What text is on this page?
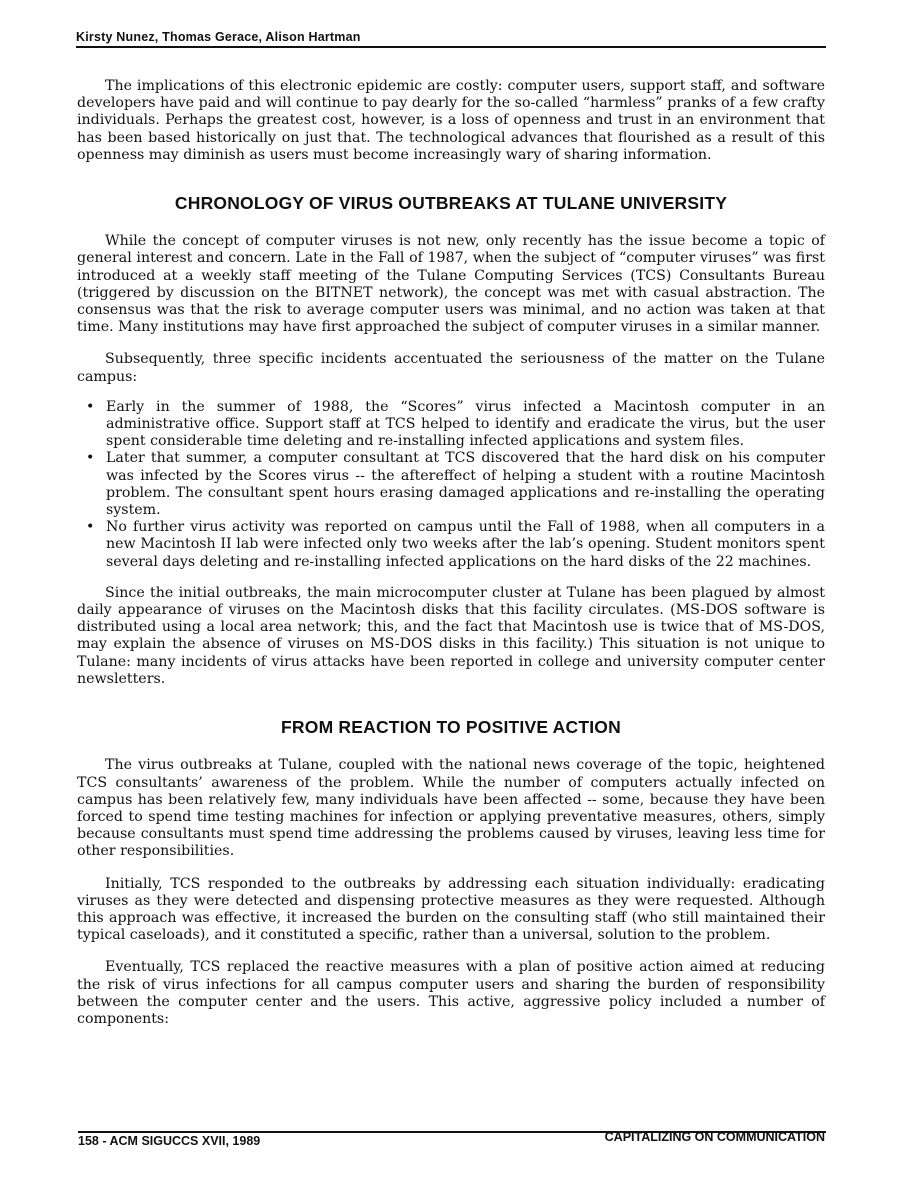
Kirsty Nunez, Thomas Gerace, Alison Hartman

The implications of this electronic epidemic are costly: computer users, support staff, and software developers have paid and will continue to pay dearly for the so-called “harmless” pranks of a few crafty individuals. Perhaps the greatest cost, however, is a loss of openness and trust in an environment that has been based historically on just that. The technological advances that flourished as a result of this openness may diminish as users must become increasingly wary of sharing information.

CHRONOLOGY OF VIRUS OUTBREAKS AT TULANE UNIVERSITY

While the concept of computer viruses is not new, only recently has the issue become a topic of general interest and concern. Late in the Fall of 1987, when the subject of “computer viruses” was first introduced at a weekly staff meeting of the Tulane Computing Services (TCS) Consultants Bureau (triggered by discussion on the BITNET network), the concept was met with casual abstraction. The consensus was that the risk to average computer users was minimal, and no action was taken at that time. Many institutions may have first approached the subject of computer viruses in a similar manner.

Subsequently, three specific incidents accentuated the seriousness of the matter on the Tulane campus:

• Early in the summer of 1988, the “Scores” virus infected a Macintosh computer in an administrative office. Support staff at TCS helped to identify and eradicate the virus, but the user spent considerable time deleting and re-installing infected applications and system files.
• Later that summer, a computer consultant at TCS discovered that the hard disk on his computer was infected by the Scores virus -- the aftereffect of helping a student with a routine Macintosh problem. The consultant spent hours erasing damaged applications and re-installing the operating system.
• No further virus activity was reported on campus until the Fall of 1988, when all computers in a new Macintosh II lab were infected only two weeks after the lab’s opening. Student monitors spent several days deleting and re-installing infected applications on the hard disks of the 22 machines.

Since the initial outbreaks, the main microcomputer cluster at Tulane has been plagued by almost daily appearance of viruses on the Macintosh disks that this facility circulates. (MS-DOS software is distributed using a local area network; this, and the fact that Macintosh use is twice that of MS-DOS, may explain the absence of viruses on MS-DOS disks in this facility.) This situation is not unique to Tulane: many incidents of virus attacks have been reported in college and university computer center newsletters.

FROM REACTION TO POSITIVE ACTION

The virus outbreaks at Tulane, coupled with the national news coverage of the topic, heightened TCS consultants’ awareness of the problem. While the number of computers actually infected on campus has been relatively few, many individuals have been affected -- some, because they have been forced to spend time testing machines for infection or applying preventative measures, others, simply because consultants must spend time addressing the problems caused by viruses, leaving less time for other responsibilities.

Initially, TCS responded to the outbreaks by addressing each situation individually: eradicating viruses as they were detected and dispensing protective measures as they were requested. Although this approach was effective, it increased the burden on the consulting staff (who still maintained their typical caseloads), and it constituted a specific, rather than a universal, solution to the problem.

Eventually, TCS replaced the reactive measures with a plan of positive action aimed at reducing the risk of virus infections for all campus computer users and sharing the burden of responsibility between the computer center and the users. This active, aggressive policy included a number of components:

158 - ACM SIGUCCS XVII, 1989	CAPITALIZING ON COMMUNICATION
